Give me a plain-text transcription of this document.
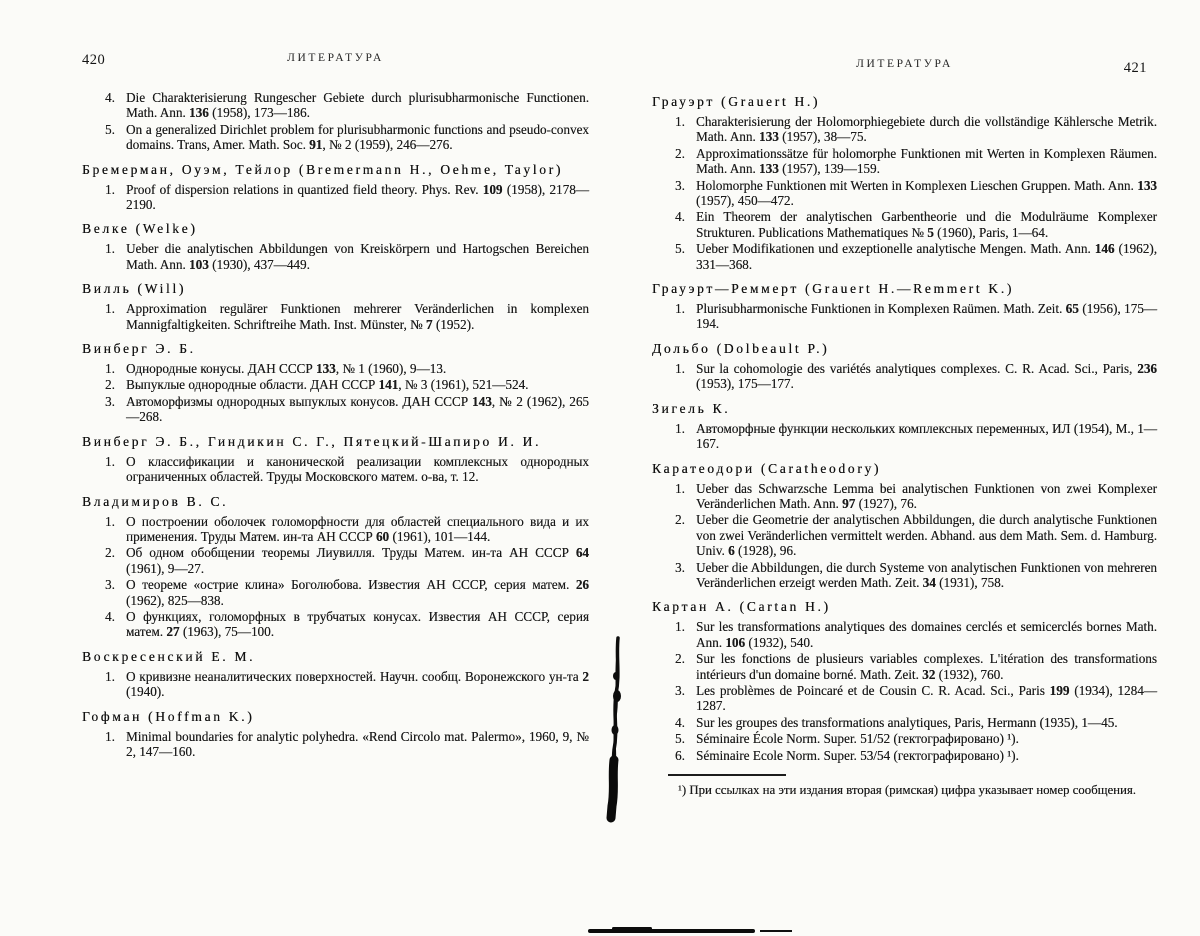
420	ЛИТЕРАТУРА
4. Die Charakterisierung Rungescher Gebiete durch plurisubharmonische Functionen. Math. Ann. 136 (1958), 173—186.
5. On a generalized Dirichlet problem for plurisubharmonic functions and pseudo-convex domains. Trans, Amer. Math. Soc. 91, № 2 (1959), 246—276.
Бремерман, Оуэм, Тейлор (Bremermann H., Oehme, Taylor)
1. Proof of dispersion relations in quantized field theory. Phys. Rev. 109 (1958), 2178—2190.
Велке (Welke)
1. Ueber die analytischen Abbildungen von Kreiskörpern und Hartogschen Bereichen Math. Ann. 103 (1930), 437—449.
Вилль (Will)
1. Approximation regulärer Funktionen mehrerer Veränderlichen in komplexen Mannigfaltigkeiten. Schriftreihe Math. Inst. Münster, № 7 (1952).
Винберг Э. Б.
1. Однородные конусы. ДАН СССР 133, № 1 (1960), 9—13.
2. Выпуклые однородные области. ДАН СССР 141, № 3 (1961), 521—524.
3. Автоморфизмы однородных выпуклых конусов. ДАН СССР 143, № 2 (1962), 265—268.
Винберг Э. Б., Гиндикин С. Г., Пятецкий-Шапиро И. И.
1. О классификации и канонической реализации комплексных однородных ограниченных областей. Труды Московского матем. о-ва, т. 12.
Владимиров В. С.
1. О построении оболочек голоморфности для областей специального вида и их применения. Труды Матем. ин-та АН СССР 60 (1961), 101—144.
2. Об одном обобщении теоремы Лиувилля. Труды Матем. ин-та АН СССР 64 (1961), 9—27.
3. О теореме «острие клина» Боголюбова. Известия АН СССР, серия матем. 26 (1962), 825—838.
4. О функциях, голоморфных в трубчатых конусах. Известия АН СССР, серия матем. 27 (1963), 75—100.
Воскресенский Е. М.
1. О кривизне неаналитических поверхностей. Научн. сообщ. Воронежского ун-та 2 (1940).
Гофман (Hoffman K.)
1. Minimal boundaries for analytic polyhedra. «Rend Circolo mat. Palermo», 1960, 9, № 2, 147—160.
ЛИТЕРАТУРА	421
Грауэрт (Grauert H.)
1. Charakterisierung der Holomorphiegebiete durch die vollständige Kählersche Metrik. Math. Ann. 133 (1957), 38—75.
2. Approximationssätze für holomorphe Funktionen mit Werten in Komplexen Räumen. Math. Ann. 133 (1957), 139—159.
3. Holomorphe Funktionen mit Werten in Komplexen Lieschen Gruppen. Math. Ann. 133 (1957), 450—472.
4. Ein Theorem der analytischen Garbentheorie und die Modulräume Komplexer Strukturen. Publications Mathematiques № 5 (1960), Paris, 1—64.
5. Ueber Modifikationen und exzeptionelle analytische Mengen. Math. Ann. 146 (1962), 331—368.
Грауэрт—Реммерт (Grauert H.—Remmert K.)
1. Plurisubharmonische Funktionen in Komplexen Raümen. Math. Zeit. 65 (1956), 175—194.
Дольбо (Dolbeault P.)
1. Sur la cohomologie des variétés analytiques complexes. C. R. Acad. Sci., Paris, 236 (1953), 175—177.
Зигель К.
1. Автоморфные функции нескольких комплексных переменных, ИЛ (1954), М., 1—167.
Каратеодори (Caratheodory)
1. Ueber das Schwarzsche Lemma bei analytischen Funktionen von zwei Komplexer Veränderlichen Math. Ann. 97 (1927), 76.
2. Ueber die Geometrie der analytischen Abbildungen, die durch analytische Funktionen von zwei Veränderlichen vermittelt werden. Abhand. aus dem Math. Sem. d. Hamburg. Univ. 6 (1928), 96.
3. Ueber die Abbildungen, die durch Systeme von analytischen Funktionen von mehreren Veränderlichen erzeigt werden Math. Zeit. 34 (1931), 758.
Картан А. (Cartan H.)
1. Sur les transformations analytiques des domaines cerclés et semicerclés bornes Math. Ann. 106 (1932), 540.
2. Sur les fonctions de plusieurs variables complexes. L'itération des transformations intérieurs d'un domaine borné. Math. Zeit. 32 (1932), 760.
3. Les problèmes de Poincaré et de Cousin C. R. Acad. Sci., Paris 199 (1934), 1284—1287.
4. Sur les groupes des transformations analytiques, Paris, Hermann (1935), 1—45.
5. Séminaire École Norm. Super. 51/52 (гектографировано) ¹).
6. Séminaire Ecole Norm. Super. 53/54 (гектографировано) ¹).

¹) При ссылках на эти издания вторая (римская) цифра указывает номер сообщения.
